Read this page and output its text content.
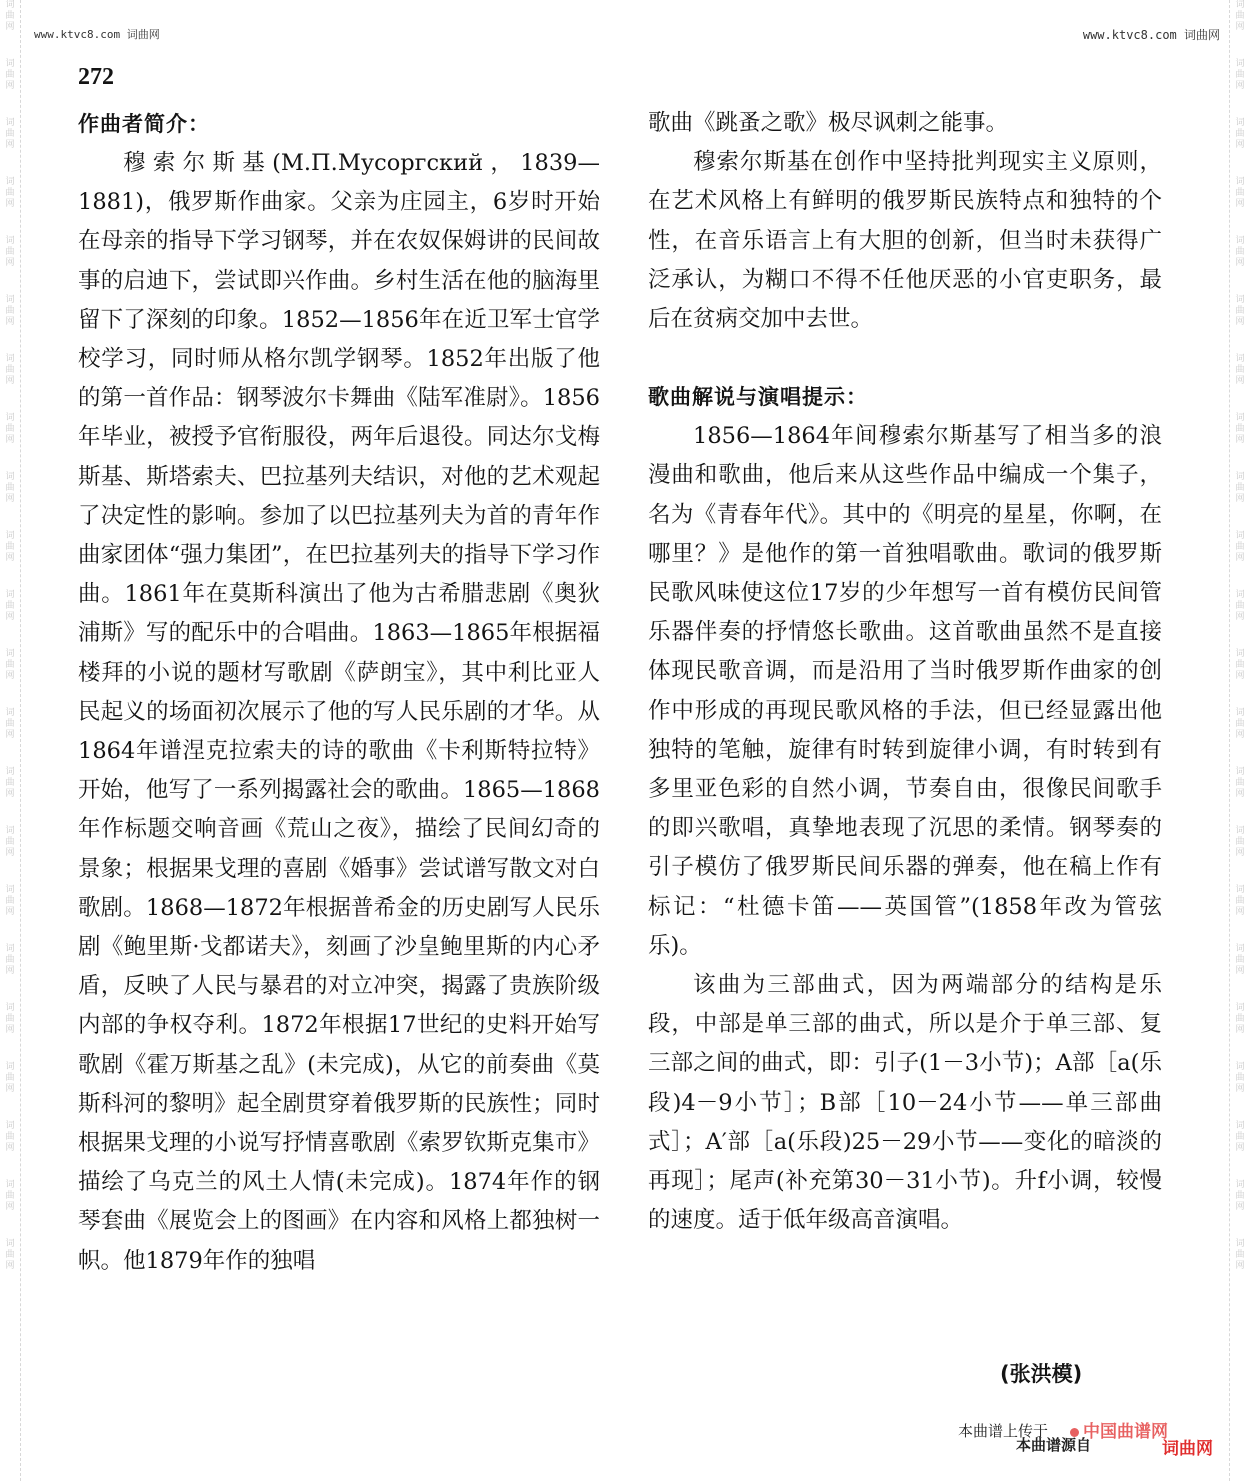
词曲网
词曲网
词曲网
词曲网
词曲网
词曲网
词曲网
词曲网
词曲网
词曲网
词曲网
词曲网
词曲网
词曲网
词曲网
词曲网
词曲网
词曲网
词曲网
词曲网
词曲网
词曲网
词曲网
词曲网
词曲网
词曲网
词曲网
词曲网
词曲网
词曲网
词曲网
词曲网
词曲网
词曲网
词曲网
词曲网
词曲网
词曲网
词曲网
词曲网
词曲网
词曲网
词曲网
词曲网
www.ktvc8.com 词曲网	www.ktvc8.com 词曲网
272
作曲者简介：

穆索尔斯基(М.П.Мусоргский，1839—1881)，俄罗斯作曲家。父亲为庄园主，6岁时开始在母亲的指导下学习钢琴，并在农奴保姆讲的民间故事的启迪下，尝试即兴作曲。乡村生活在他的脑海里留下了深刻的印象。1852—1856年在近卫军士官学校学习，同时师从格尔凯学钢琴。1852年出版了他的第一首作品：钢琴波尔卡舞曲《陆军准尉》。1856年毕业，被授予官衔服役，两年后退役。同达尔戈梅斯基、斯塔索夫、巴拉基列夫结识，对他的艺术观起了决定性的影响。参加了以巴拉基列夫为首的青年作曲家团体“强力集团”，在巴拉基列夫的指导下学习作曲。1861年在莫斯科演出了他为古希腊悲剧《奥狄浦斯》写的配乐中的合唱曲。1863—1865年根据福楼拜的小说的题材写歌剧《萨朗宝》，其中利比亚人民起义的场面初次展示了他的写人民乐剧的才华。从1864年谱涅克拉索夫的诗的歌曲《卡利斯特拉特》开始，他写了一系列揭露社会的歌曲。1865—1868年作标题交响音画《荒山之夜》，描绘了民间幻奇的景象；根据果戈理的喜剧《婚事》尝试谱写散文对白歌剧。1868—1872年根据普希金的历史剧写人民乐剧《鲍里斯·戈都诺夫》，刻画了沙皇鲍里斯的内心矛盾，反映了人民与暴君的对立冲突，揭露了贵族阶级内部的争权夺利。1872年根据17世纪的史料开始写歌剧《霍万斯基之乱》(未完成)，从它的前奏曲《莫斯科河的黎明》起全剧贯穿着俄罗斯的民族性；同时根据果戈理的小说写抒情喜歌剧《索罗钦斯克集市》描绘了乌克兰的风土人情(未完成)。1874年作的钢琴套曲《展览会上的图画》在内容和风格上都独树一帜。他1879年作的独唱

歌曲《跳蚤之歌》极尽讽刺之能事。

穆索尔斯基在创作中坚持批判现实主义原则，在艺术风格上有鲜明的俄罗斯民族特点和独特的个性，在音乐语言上有大胆的创新，但当时未获得广泛承认，为糊口不得不任他厌恶的小官吏职务，最后在贫病交加中去世。

歌曲解说与演唱提示：

1856—1864年间穆索尔斯基写了相当多的浪漫曲和歌曲，他后来从这些作品中编成一个集子，名为《青春年代》。其中的《明亮的星星，你啊，在哪里？》是他作的第一首独唱歌曲。歌词的俄罗斯民歌风味使这位17岁的少年想写一首有模仿民间管乐器伴奏的抒情悠长歌曲。这首歌曲虽然不是直接体现民歌音调，而是沿用了当时俄罗斯作曲家的创作中形成的再现民歌风格的手法，但已经显露出他独特的笔触，旋律有时转到旋律小调，有时转到有多里亚色彩的自然小调，节奏自由，很像民间歌手的即兴歌唱，真挚地表现了沉思的柔情。钢琴奏的引子模仿了俄罗斯民间乐器的弹奏，他在稿上作有标记：“杜德卡笛——英国管”(1858年改为管弦乐)。

该曲为三部曲式，因为两端部分的结构是乐段，中部是单三部的曲式，所以是介于单三部、复三部之间的曲式，即：引子(1－3小节)；A部［a(乐段)4－9小节］；B部［10－24小节——单三部曲式］；A′部［a(乐段)25－29小节——变化的暗淡的再现］；尾声(补充第30－31小节)。升f小调，较慢的速度。适于低年级高音演唱。

(张洪模)
本曲谱上传于	中国曲谱网
本曲谱源自	词曲网
